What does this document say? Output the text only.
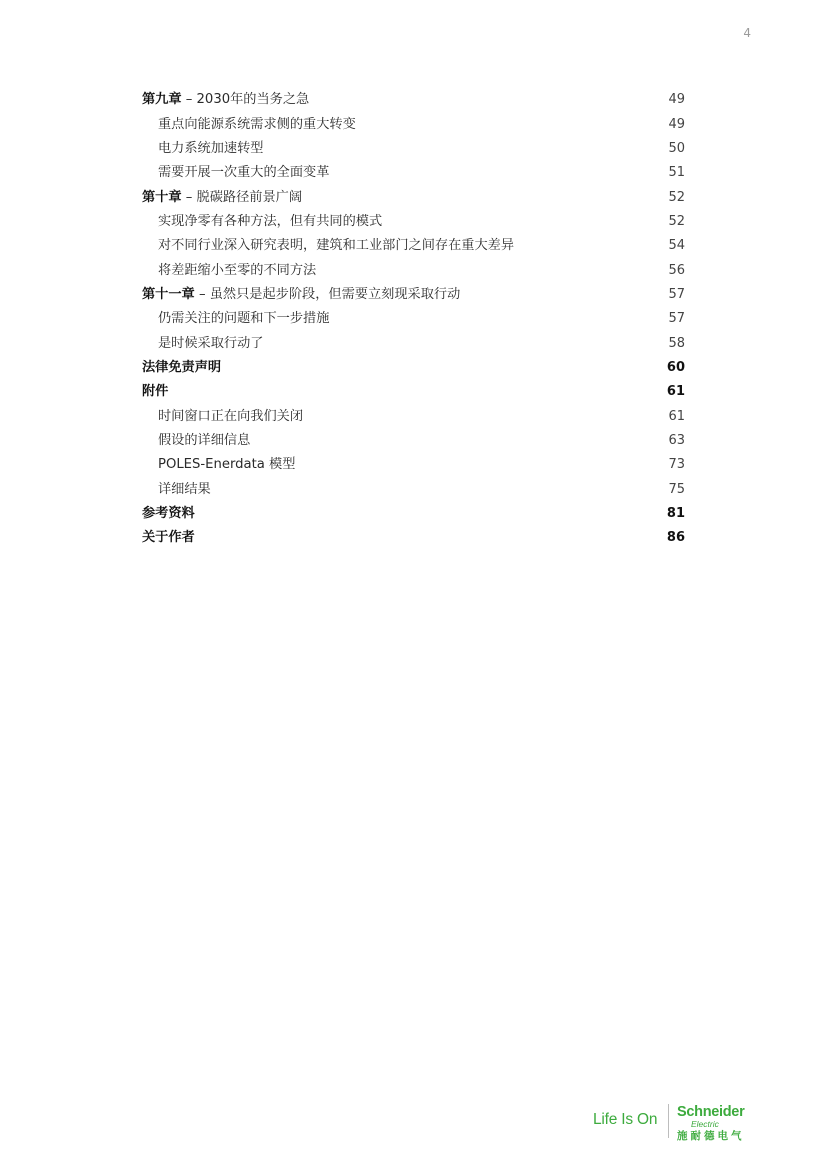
4
第九章 – 2030年的当务之急	49
重点向能源系统需求侧的重大转变	49
电力系统加速转型	50
需要开展一次重大的全面变革	51
第十章 – 脱碳路径前景广阔	52
实现净零有各种方法，但有共同的模式	52
对不同行业深入研究表明，建筑和工业部门之间存在重大差异	54
将差距缩小至零的不同方法	56
第十一章 – 虽然只是起步阶段，但需要立刻现采取行动	57
仍需关注的问题和下一步措施	57
是时候采取行动了	58
法律免责声明	60
附件	61
时间窗口正在向我们关闭	61
假设的详细信息	63
POLES-Enerdata 模型	73
详细结果	75
参考资料	81
关于作者	86
Life Is On Schneider
Electric
施耐德电气
